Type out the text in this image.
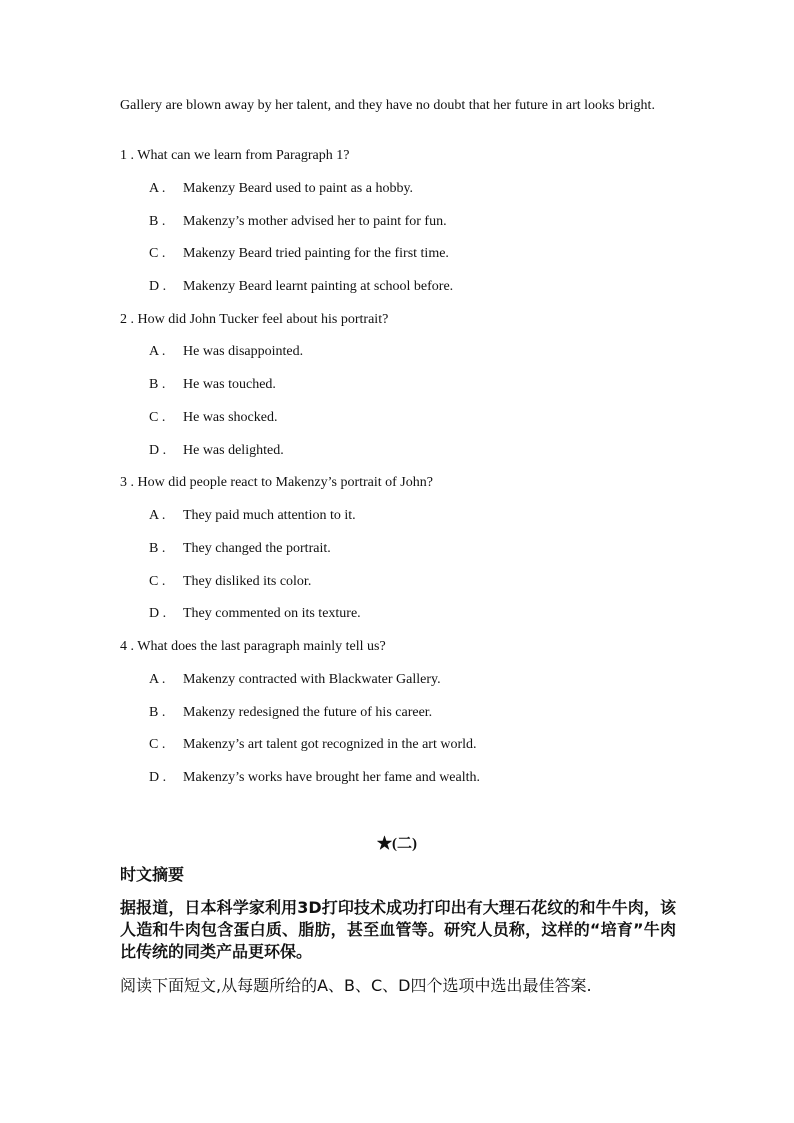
Gallery are blown away by her talent, and they have no doubt that her future in art looks bright.

1 . What can we learn from Paragraph 1?

A . Makenzy Beard used to paint as a hobby.

B . Makenzy’s mother advised her to paint for fun.

C . Makenzy Beard tried painting for the first time.

D . Makenzy Beard learnt painting at school before.

2 . How did John Tucker feel about his portrait?

A . He was disappointed.

B . He was touched.

C . He was shocked.

D . He was delighted.

3 . How did people react to Makenzy’s portrait of John?

A . They paid much attention to it.

B . They changed the portrait.

C . They disliked its color.

D . They commented on its texture.

4 . What does the last paragraph mainly tell us?

A . Makenzy contracted with Blackwater Gallery.

B . Makenzy redesigned the future of his career.

C . Makenzy’s art talent got recognized in the art world.

D . Makenzy’s works have brought her fame and wealth.

★(二)

时文摘要

据报道，日本科学家利用3D打印技术成功打印出有大理石花纹的和牛牛肉，该人造和牛肉包含蛋白质、脂肪，甚至血管等。研究人员称，这样的“培育”牛肉比传统的同类产品更环保。

阅读下面短文,从每题所给的A、B、C、D四个选项中选出最佳答案.
